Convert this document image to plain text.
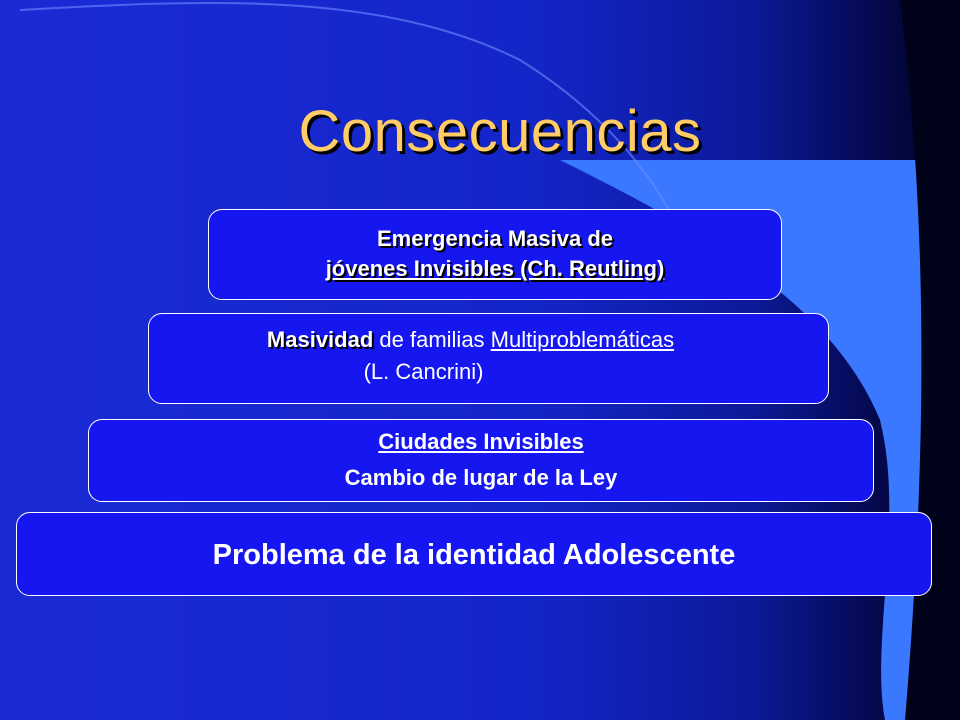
Consecuencias
Emergencia Masiva de
jóvenes Invisibles (Ch. Reutling)
Masividad de familias Multiproblemáticas
(L. Cancrini)
Ciudades Invisibles
Cambio de lugar de la Ley
Problema de la identidad Adolescente
